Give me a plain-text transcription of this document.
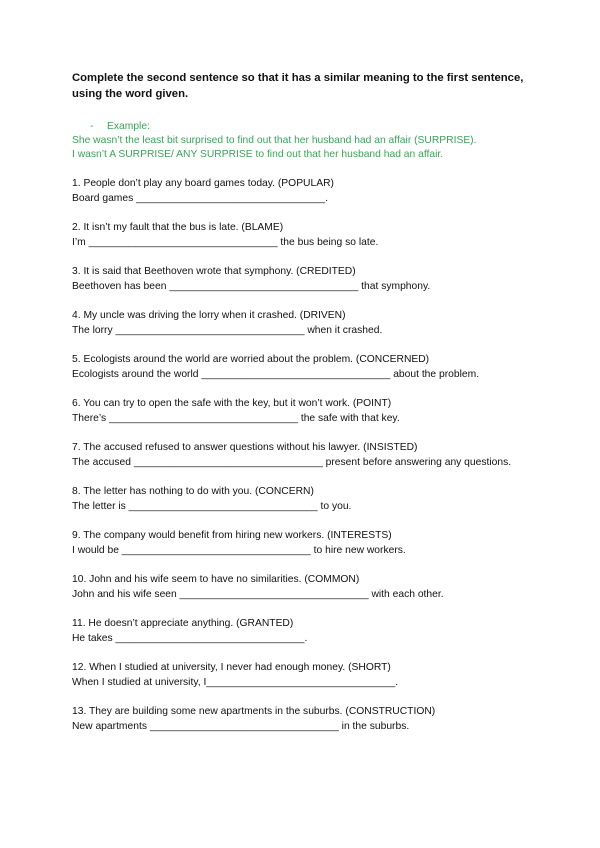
Complete the second sentence so that it has a similar meaning to the first sentence, using the word given.

- Example:
She wasn’t the least bit surprised to find out that her husband had an affair (SURPRISE).
I wasn’t A SURPRISE/ ANY SURPRISE to find out that her husband had an affair.
1. People don’t play any board games today. (POPULAR)
Board games _________________________________.
2. It isn’t my fault that the bus is late. (BLAME)
I’m _________________________________ the bus being so late.
3. It is said that Beethoven wrote that symphony. (CREDITED)
Beethoven has been _________________________________ that symphony.
4. My uncle was driving the lorry when it crashed. (DRIVEN)
The lorry _________________________________ when it crashed.
5. Ecologists around the world are worried about the problem. (CONCERNED)
Ecologists around the world _________________________________ about the problem.
6. You can try to open the safe with the key, but it won’t work. (POINT)
There’s _________________________________ the safe with that key.
7. The accused refused to answer questions without his lawyer. (INSISTED)
The accused _________________________________ present before answering any questions.
8. The letter has nothing to do with you. (CONCERN)
The letter is _________________________________ to you.
9. The company would benefit from hiring new workers. (INTERESTS)
I would be _________________________________ to hire new workers.
10. John and his wife seem to have no similarities. (COMMON)
John and his wife seen _________________________________ with each other.
11. He doesn’t appreciate anything. (GRANTED)
He takes _________________________________.
12. When I studied at university, I never had enough money. (SHORT)
When I studied at university, I_________________________________.
13. They are building some new apartments in the suburbs. (CONSTRUCTION)
New apartments _________________________________ in the suburbs.
